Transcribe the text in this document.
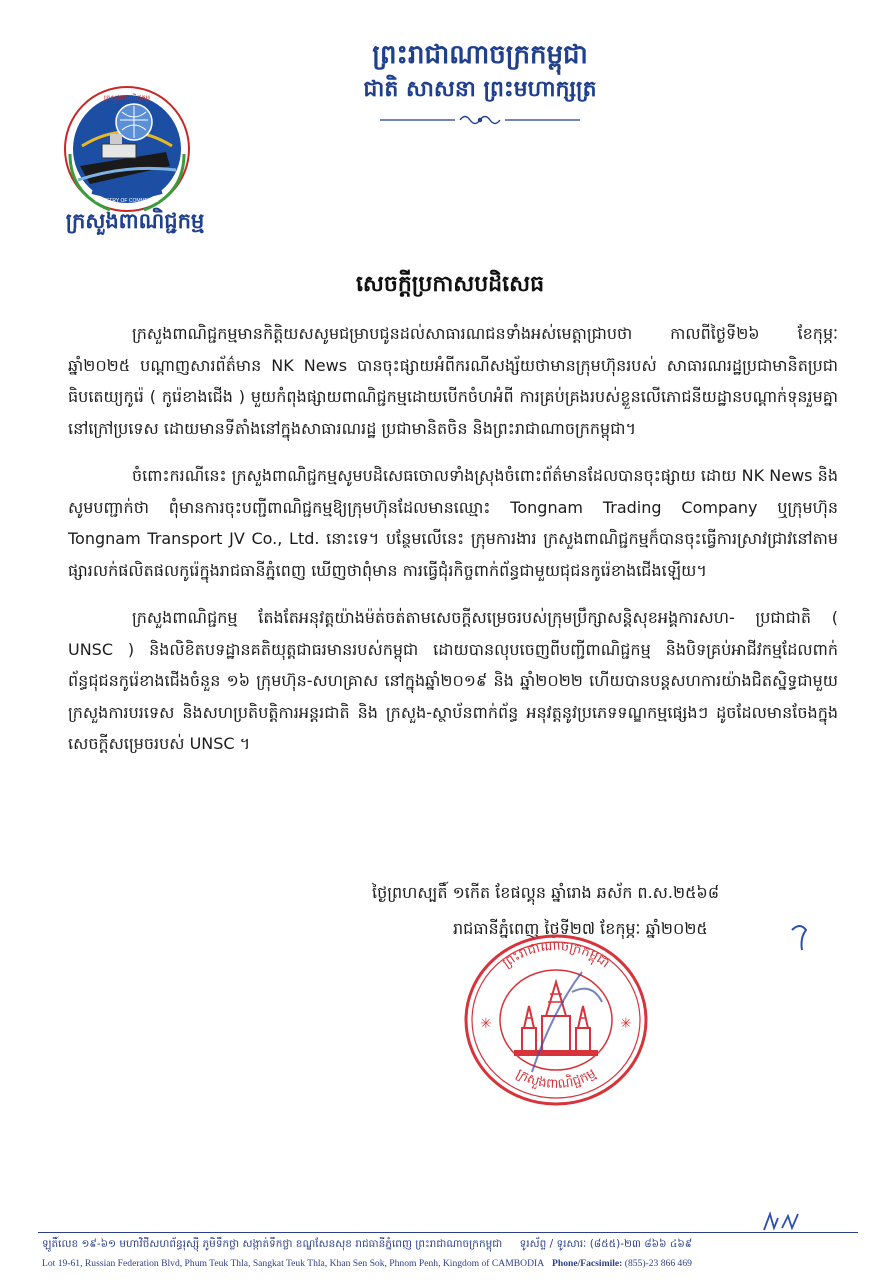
ព្រះរាជាណាចក្រកម្ពុជា
ជាតិ សាសនា ព្រះមហាក្សត្រ
MINISTRY OF COMMERCE
ក្រសួងពាណិជ្ជកម្ម
ក្រសួងពាណិជ្ជកម្ម
សេចក្ដីប្រកាសបដិសេធ

ក្រសួងពាណិជ្ជកម្មមានកិត្តិយសសូមជម្រាបជូនដល់សាធារណជនទាំងអស់មេត្តាជ្រាបថា កាលពីថ្ងៃទី២៦ ខែកុម្ភៈ ឆ្នាំ២០២៥ បណ្ដាញសារព័ត៌មាន NK News បានចុះផ្សាយអំពីករណីសង្ស័យថាមានក្រុមហ៊ុនរបស់ សាធារណរដ្ឋប្រជាមានិតប្រជាធិបតេយ្យកូរ៉េ ( កូរ៉េខាងជើង ) មួយកំពុងផ្សាយពាណិជ្ជកម្មដោយបើកចំហអំពី ការគ្រប់គ្រងរបស់ខ្លួនលើភោជនីយដ្ឋានបណ្ដាក់ទុនរួមគ្នានៅក្រៅប្រទេស ដោយមានទីតាំងនៅក្នុងសាធារណរដ្ឋ ប្រជាមានិតចិន និងព្រះរាជាណាចក្រកម្ពុជា។

ចំពោះករណីនេះ ក្រសួងពាណិជ្ជកម្មសូមបដិសេធចោលទាំងស្រុងចំពោះព័ត៌មានដែលបានចុះផ្សាយ ដោយ NK News និងសូមបញ្ជាក់ថា ពុំមានការចុះបញ្ជីពាណិជ្ជកម្មឱ្យក្រុមហ៊ុនដែលមានឈ្មោះ Tongnam Trading Company ឬក្រុមហ៊ុន Tongnam Transport JV Co., Ltd. នោះទេ។ បន្ថែមលើនេះ ក្រុមការងារ ក្រសួងពាណិជ្ជកម្មក៏បានចុះធ្វើការស្រាវជ្រាវនៅតាមផ្សារលក់ផលិតផលកូរ៉េក្នុងរាជធានីភ្នំពេញ ឃើញថាពុំមាន ការធ្វើជុំរកិច្ចពាក់ព័ន្ធជាមួយជុជនកូរ៉េខាងជើងឡើយ។

ក្រសួងពាណិជ្ជកម្ម តែងតែអនុវត្តយ៉ាងម៉ត់ចត់តាមសេចក្ដីសម្រេចរបស់ក្រុមប្រឹក្សាសន្តិសុខអង្គការសហ- ប្រជាជាតិ ( UNSC ) និងលិខិតបទដ្ឋានគតិយុត្តជាធរមានរបស់កម្ពុជា ដោយបានលុបចេញពីបញ្ជីពាណិជ្ជកម្ម និងបិទគ្រប់អាជីវកម្មដែលពាក់ព័ន្ធជុជនកូរ៉េខាងជើងចំនួន ១៦ ក្រុមហ៊ុន-សហគ្រាស នៅក្នុងឆ្នាំ២០១៩ និង ឆ្នាំ២០២២ ហើយបានបន្តសហការយ៉ាងជិតស្និទ្ធជាមួយក្រសួងការបរទេស និងសហប្រតិបត្តិការអន្តរជាតិ និង ក្រសួង-ស្ថាប័នពាក់ព័ន្ធ អនុវត្តនូវប្រភេទទណ្ឌកម្មផ្សេងៗ ដូចដែលមានចែងក្នុងសេចក្ដីសម្រេចរបស់ UNSC ។

ថ្ងៃព្រហស្បតិ៍ ១កើត ខែផល្គុន ឆ្នាំរោង ឆស័ក ព.ស.២៥៦៨
រាជធានីភ្នំពេញ ថ្ងៃទី២៧ ខែកុម្ភៈ ឆ្នាំ២០២៥
✳	✳
ព្រះរាជាណាចក្រកម្ពុជា
ក្រសួងពាណិជ្ជកម្ម
ឡូតិ៍លេខ ១៩-៦១ មហាវិថីសហព័ន្ធរុស្ស៊ី ភូមិទឹកថ្លា សង្កាត់ទឹកថ្លា ខណ្ឌសែនសុខ រាជធានីភ្នំពេញ ព្រះរាជាណាចក្រកម្ពុជា ទូរស័ព្ទ / ទូរសារៈ (៨៥៥)-២៣ ៨៦៦ ៤៦៩
Lot 19-61, Russian Federation Blvd, Phum Teuk Thla, Sangkat Teuk Thla, Khan Sen Sok, Phnom Penh, Kingdom of CAMBODIA Phone/Facsimile: (855)-23 866 469
